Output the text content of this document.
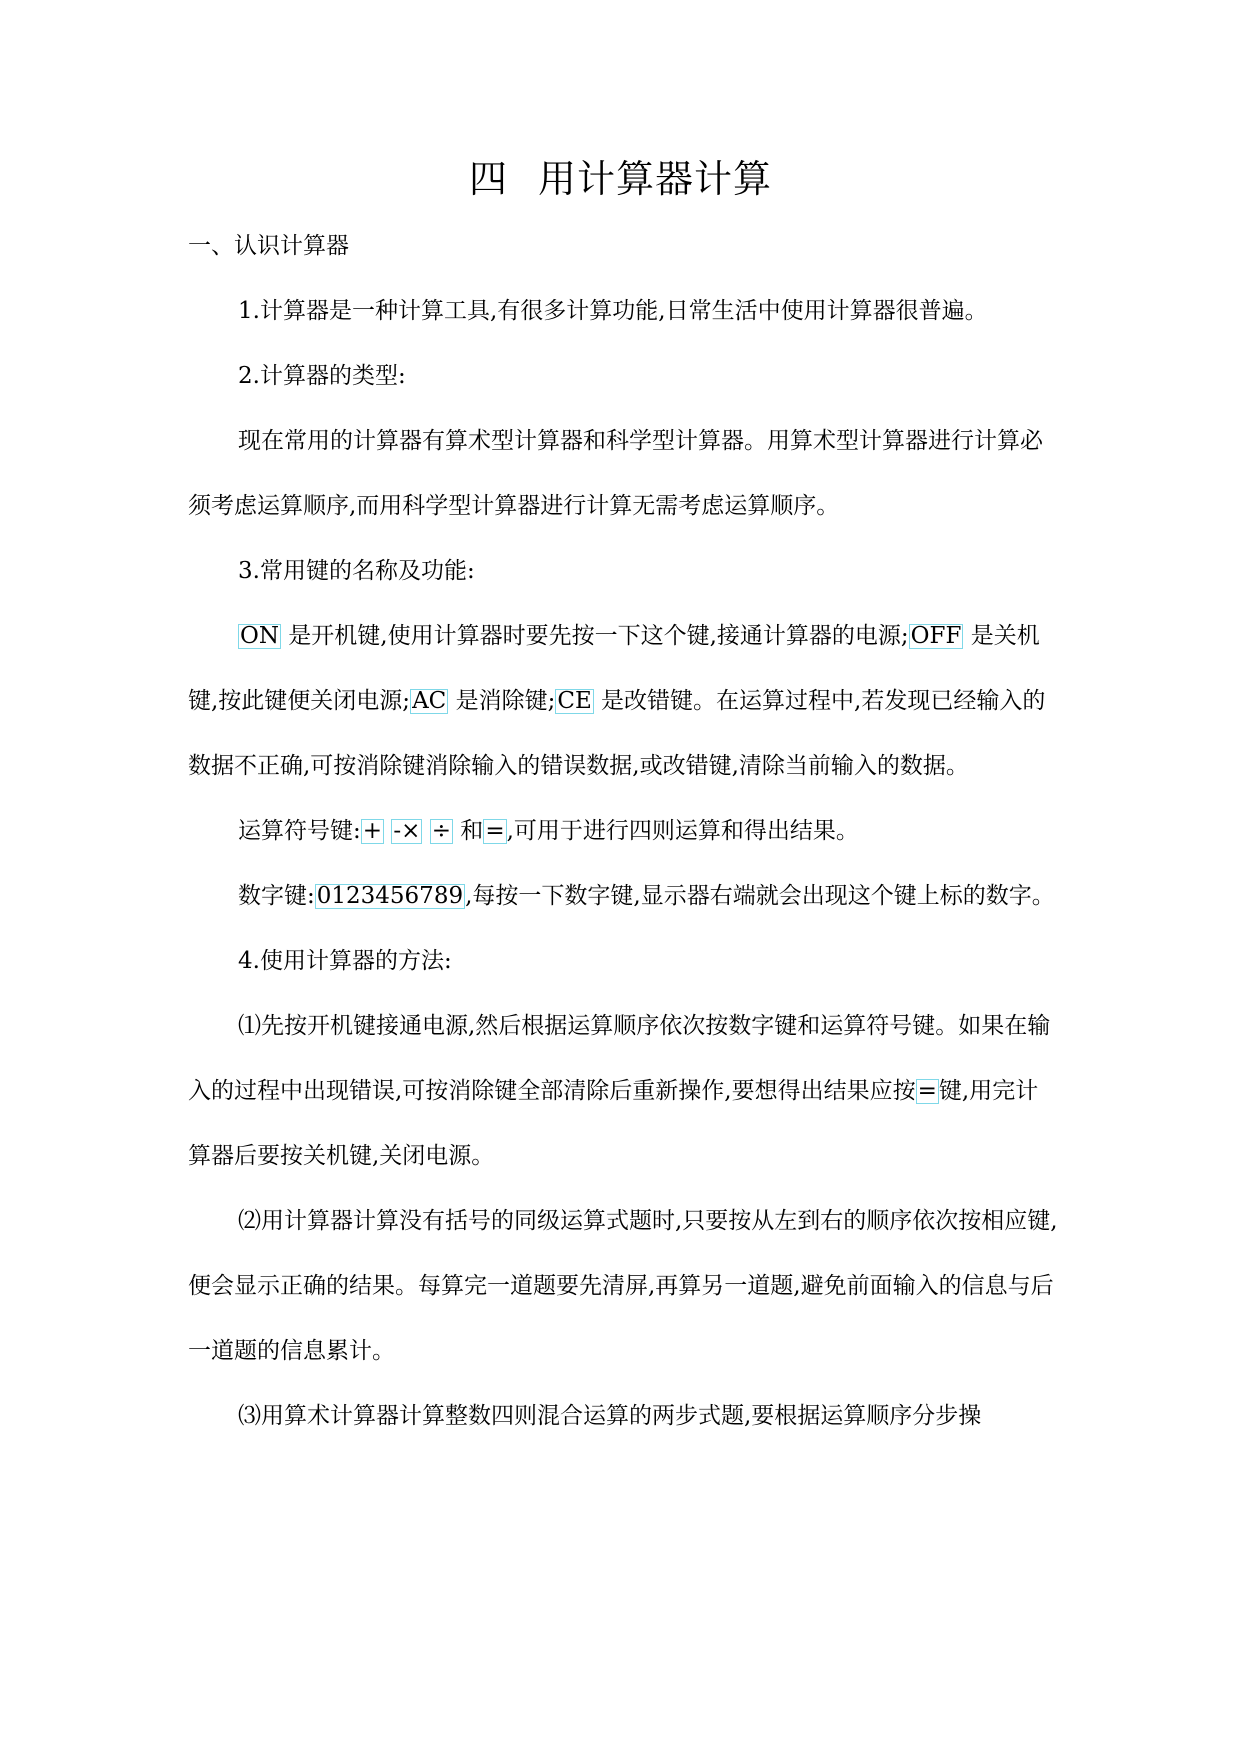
四 用计算器计算

一、认识计算器

1.计算器是一种计算工具,有很多计算功能,日常生活中使用计算器很普遍。

2.计算器的类型:

现在常用的计算器有算术型计算器和科学型计算器。用算术型计算器进行计算必须考虑运算顺序,而用科学型计算器进行计算无需考虑运算顺序。

3.常用键的名称及功能:

ON 是开机键,使用计算器时要先按一下这个键,接通计算器的电源;OFF 是关机键,按此键便关闭电源;AC 是消除键;CE 是改错键。在运算过程中,若发现已经输入的数据不正确,可按消除键消除输入的错误数据,或改错键,清除当前输入的数据。

运算符号键:+ -× ÷ 和=,可用于进行四则运算和得出结果。

数字键:0123456789,每按一下数字键,显示器右端就会出现这个键上标的数字。

4.使用计算器的方法:

⑴先按开机键接通电源,然后根据运算顺序依次按数字键和运算符号键。如果在输入的过程中出现错误,可按消除键全部清除后重新操作,要想得出结果应按=键,用完计算器后要按关机键,关闭电源。

⑵用计算器计算没有括号的同级运算式题时,只要按从左到右的顺序依次按相应键,便会显示正确的结果。每算完一道题要先清屏,再算另一道题,避免前面输入的信息与后一道题的信息累计。

⑶用算术计算器计算整数四则混合运算的两步式题,要根据运算顺序分步操
